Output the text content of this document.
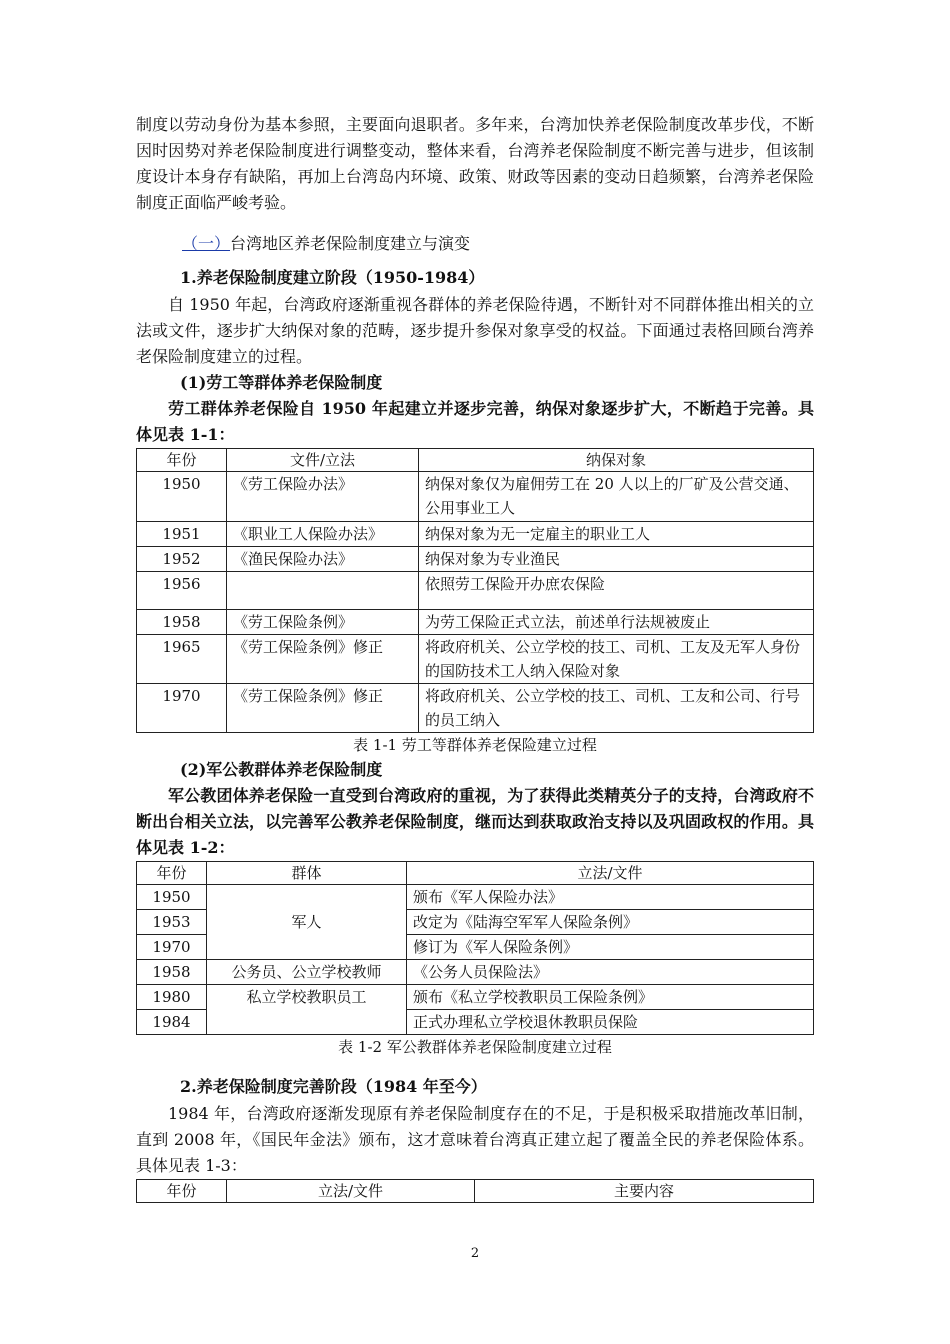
制度以劳动身份为基本参照，主要面向退职者。多年来，台湾加快养老保险制度改革步伐，不断因时因势对养老保险制度进行调整变动，整体来看，台湾养老保险制度不断完善与进步，但该制度设计本身存有缺陷，再加上台湾岛内环境、政策、财政等因素的变动日趋频繁，台湾养老保险制度正面临严峻考验。

（一）台湾地区养老保险制度建立与演变

1.养老保险制度建立阶段（1950-1984）

自 1950 年起，台湾政府逐渐重视各群体的养老保险待遇，不断针对不同群体推出相关的立法或文件，逐步扩大纳保对象的范畴，逐步提升参保对象享受的权益。下面通过表格回顾台湾养老保险制度建立的过程。

(1)劳工等群体养老保险制度

劳工群体养老保险自 1950 年起建立并逐步完善，纳保对象逐步扩大，不断趋于完善。具体见表 1-1：

年份	文件/立法	纳保对象
1950	《劳工保险办法》	纳保对象仅为雇佣劳工在 20 人以上的厂矿及公营交通、公用事业工人
1951	《职业工人保险办法》	纳保对象为无一定雇主的职业工人
1952	《渔民保险办法》	纳保对象为专业渔民
1956		依照劳工保险开办庶农保险
1958	《劳工保险条例》	为劳工保险正式立法，前述单行法规被废止
1965	《劳工保险条例》修正	将政府机关、公立学校的技工、司机、工友及无军人身份的国防技术工人纳入保险对象
1970	《劳工保险条例》修正	将政府机关、公立学校的技工、司机、工友和公司、行号的员工纳入

表 1-1 劳工等群体养老保险建立过程

(2)军公教群体养老保险制度

军公教团体养老保险一直受到台湾政府的重视，为了获得此类精英分子的支持，台湾政府不断出台相关立法，以完善军公教养老保险制度，继而达到获取政治支持以及巩固政权的作用。具体见表 1-2：

年份	群体	立法/文件
1950	军人	颁布《军人保险办法》
1953		改定为《陆海空军军人保险条例》
1970		修订为《军人保险条例》
1958	公务员、公立学校教师	《公务人员保险法》
1980	私立学校教职员工	颁布《私立学校教职员工保险条例》
1984		正式办理私立学校退休教职员保险

表 1-2 军公教群体养老保险制度建立过程

2.养老保险制度完善阶段（1984 年至今）

1984 年，台湾政府逐渐发现原有养老保险制度存在的不足，于是积极采取措施改革旧制，直到 2008 年，《国民年金法》颁布，这才意味着台湾真正建立起了覆盖全民的养老保险体系。具体见表 1-3：

年份	立法/文件	主要内容
2
